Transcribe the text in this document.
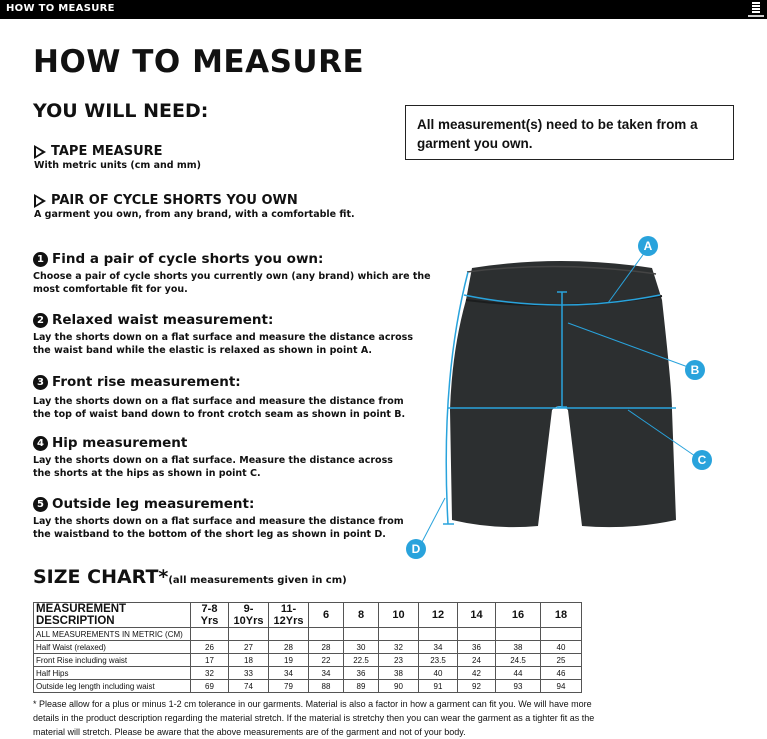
HOW TO MEASURE
HOW TO MEASURE
YOU WILL NEED:
TAPE MEASURE
With metric units (cm and mm)
PAIR OF CYCLE SHORTS YOU OWN
A garment you own, from any brand, with a comfortable fit.
All measurement(s) need to be taken from a garment you own.
1 Find a pair of cycle shorts you own:
Choose a pair of cycle shorts you currently own (any brand) which are the most comfortable fit for you.
2 Relaxed waist measurement:
Lay the shorts down on a flat surface and measure the distance across the waist band while the elastic is relaxed as shown in point A.
3 Front rise measurement:
Lay the shorts down on a flat surface and measure the distance from the top of waist band down to front crotch seam as shown in point B.
4 Hip measurement
Lay the shorts down on a flat surface. Measure the distance across the shorts at the hips as shown in point C.
5 Outside leg measurement:
Lay the shorts down on a flat surface and measure the distance from the waistband to the bottom of the short leg as shown in point D.
A
B
C
D
SIZE CHART*(all measurements given in cm)
MEASUREMENT DESCRIPTION	7-8 Yrs	9-10Yrs	11-12Yrs	6	8	10	12	14	16	18
ALL MEASUREMENTS IN METRIC (CM)										
Half Waist (relaxed)	26	27	28	28	30	32	34	36	38	40
Front Rise including waist	17	18	19	22	22.5	23	23.5	24	24.5	25
Half Hips	32	33	34	34	36	38	40	42	44	46
Outside leg length including waist	69	74	79	88	89	90	91	92	93	94
* Please allow for a plus or minus 1-2 cm tolerance in our garments. Material is also a factor in how a garment can fit you. We will have more details in the product description regarding the material stretch. If the material is stretchy then you can wear the garment as a tighter fit as the material will stretch. Please be aware that the above measurements are of the garment and not of your body.
